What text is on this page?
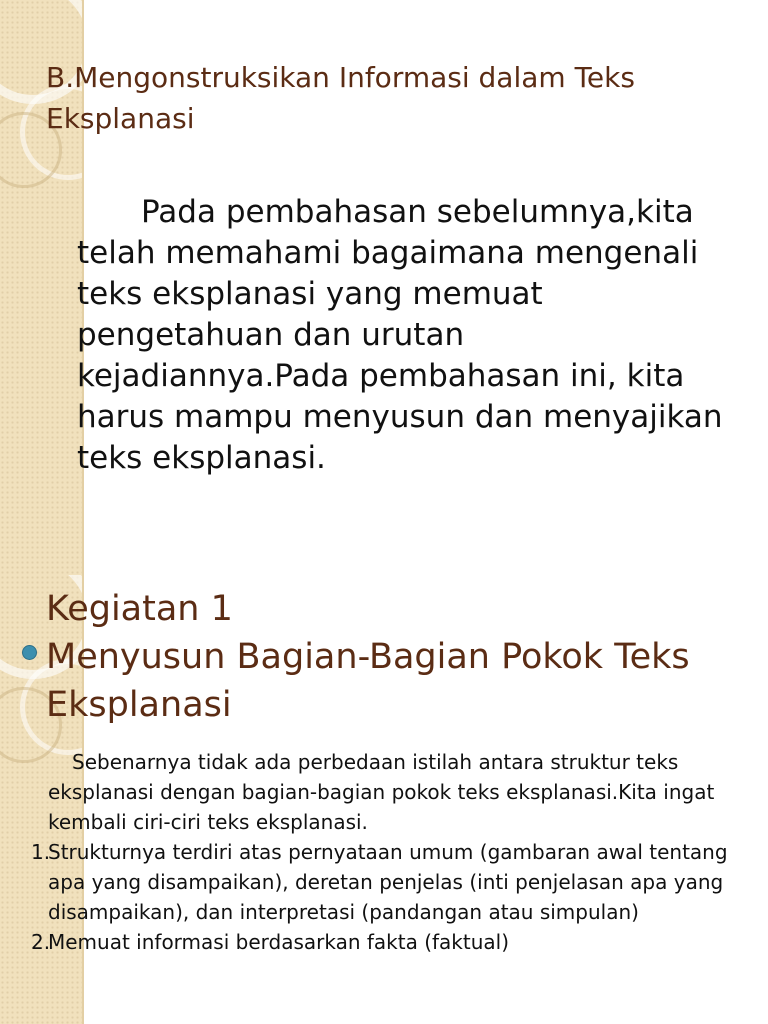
B.Mengonstruksikan Informasi dalam Teks Eksplanasi

Pada pembahasan sebelumnya,kita telah memahami bagaimana mengenali teks eksplanasi yang memuat pengetahuan dan urutan kejadiannya.Pada pembahasan ini, kita harus mampu menyusun dan menyajikan teks eksplanasi.

Kegiatan 1
Menyusun Bagian-Bagian Pokok Teks Eksplanasi

Sebenarnya tidak ada perbedaan istilah antara struktur teks eksplanasi dengan bagian-bagian pokok teks eksplanasi.Kita ingat kembali ciri-ciri teks eksplanasi.

1.
Strukturnya terdiri atas pernyataan umum (gambaran awal tentang apa yang disampaikan), deretan penjelas (inti penjelasan apa yang disampaikan), dan interpretasi (pandangan atau simpulan)
2.
Memuat informasi berdasarkan fakta (faktual)
